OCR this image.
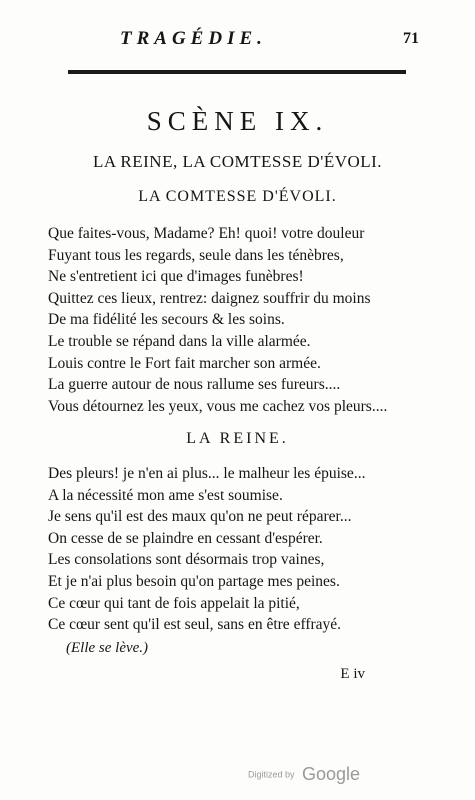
TRAGÉDIE.	71
SCÈNE IX.
LA REINE, LA COMTESSE D'ÉVOLI.
LA COMTESSE D'ÉVOLI.
Que faites-vous, Madame? Eh! quoi! votre douleur
Fuyant tous les regards, seule dans les ténèbres,
Ne s'entretient ici que d'images funèbres!
Quittez ces lieux, rentrez: daignez souffrir du moins
De ma fidélité les secours & les soins.
Le trouble se répand dans la ville alarmée.
Louis contre le Fort fait marcher son armée.
La guerre autour de nous rallume ses fureurs....
Vous détournez les yeux, vous me cachez vos pleurs....
LA REINE.
Des pleurs! je n'en ai plus... le malheur les épuise...
A la nécessité mon ame s'est soumise.
Je sens qu'il est des maux qu'on ne peut réparer...
On cesse de se plaindre en cessant d'espérer.
Les consolations sont désormais trop vaines,
Et je n'ai plus besoin qu'on partage mes peines.
Ce cœur qui tant de fois appelait la pitié,
Ce cœur sent qu'il est seul, sans en être effrayé.
(Elle se lève.)
E iv
Digitized by Google
